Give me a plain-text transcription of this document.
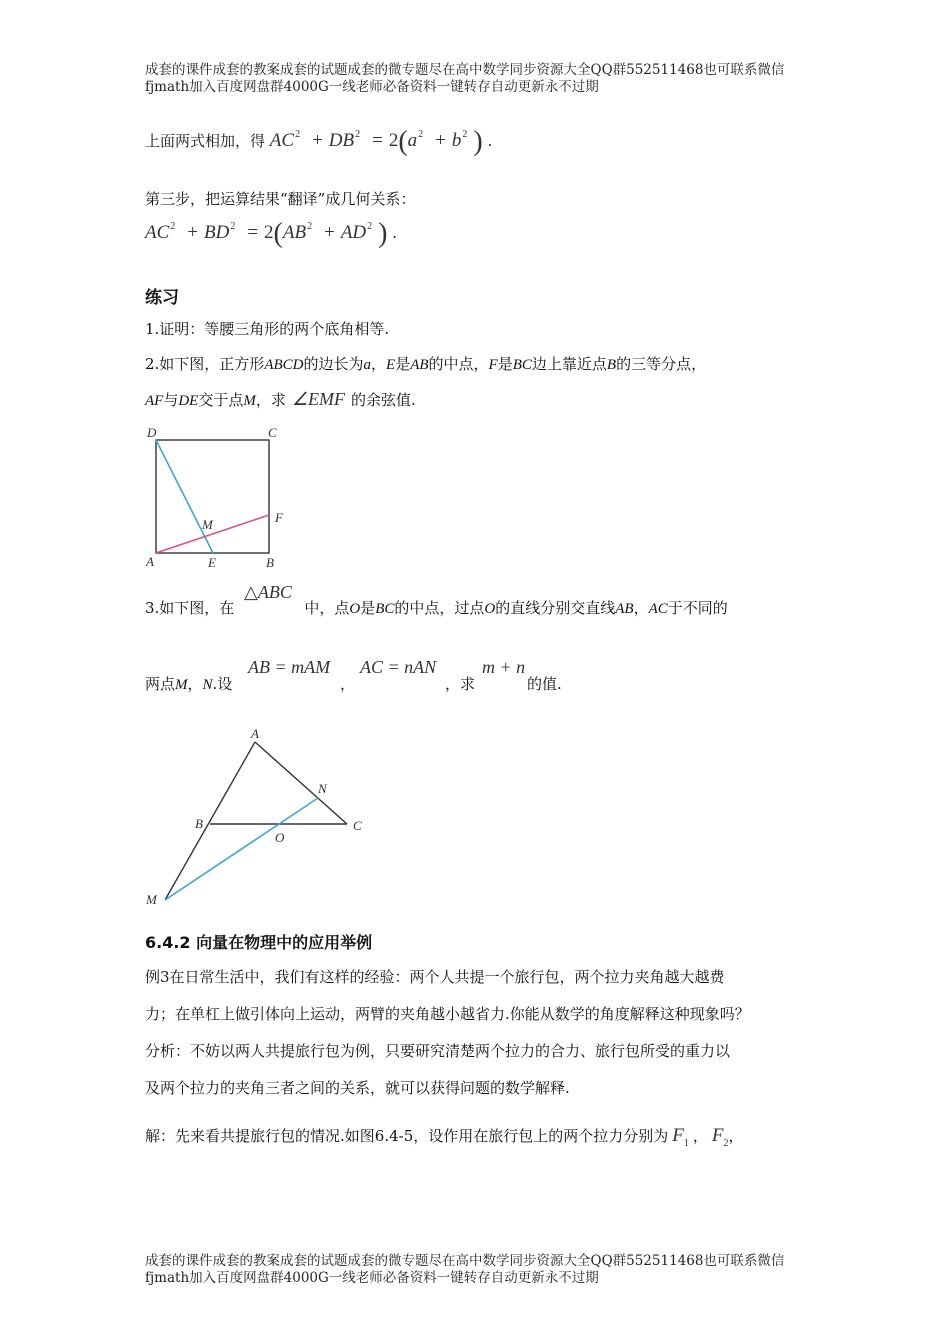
成套的课件成套的教案成套的试题成套的微专题尽在高中数学同步资源大全QQ群552511468也可联系微信fjmath加入百度网盘群4000G一线老师必备资料一键转存自动更新永不过期
上面两式相加，得 $AC^2 + DB^2 = 2(a^2 + b^2$ ) .
第三步，把运算结果“翻译”成几何关系：
$AC^2 + BD^2 = 2(AB^2 + AD^2$ ) .
练习
1.证明：等腰三角形的两个底角相等.
2.如下图，正方形ABCD的边长为a，E是AB的中点，F是BC边上靠近点B的三等分点，
AF与DE交于点M，求 ∠EMF 的余弦值.
D	C
M	F
A	E	B
3.如下图，在	中，点O是BC的中点，过点O的直线分别交直线AB，AC于不同的
△ABC
两点M，N.设
AB = mAM
，
AC = nAN
，求
m + n
的值.
A
N
B
O
C
M
6.4.2 向量在物理中的应用举例
例3在日常生活中，我们有这样的经验：两个人共提一个旅行包，两个拉力夹角越大越费
力；在单杠上做引体向上运动，两臂的夹角越小越省力.你能从数学的角度解释这种现象吗？
分析：不妨以两人共提旅行包为例，只要研究清楚两个拉力的合力、旅行包所受的重力以
及两个拉力的夹角三者之间的关系，就可以获得问题的数学解释.
解：先来看共提旅行包的情况.如图6.4-5，设作用在旅行包上的两个拉力分别为 $F_1$ ， $F_2$，
成套的课件成套的教案成套的试题成套的微专题尽在高中数学同步资源大全QQ群552511468也可联系微信fjmath加入百度网盘群4000G一线老师必备资料一键转存自动更新永不过期
